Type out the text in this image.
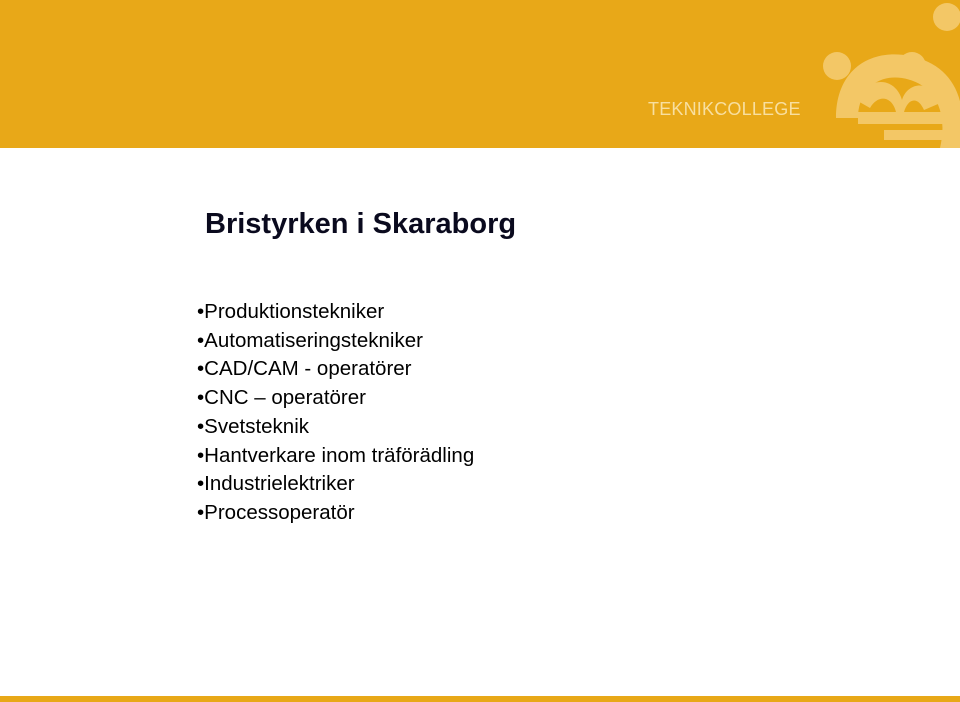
TEKNIKCOLLEGE
Bristyrken i Skaraborg
•Produktionstekniker
•Automatiseringstekniker
•CAD/CAM - operatörer
•CNC – operatörer
•Svetsteknik
•Hantverkare inom träförädling
•Industrielektriker
•Processoperatör
